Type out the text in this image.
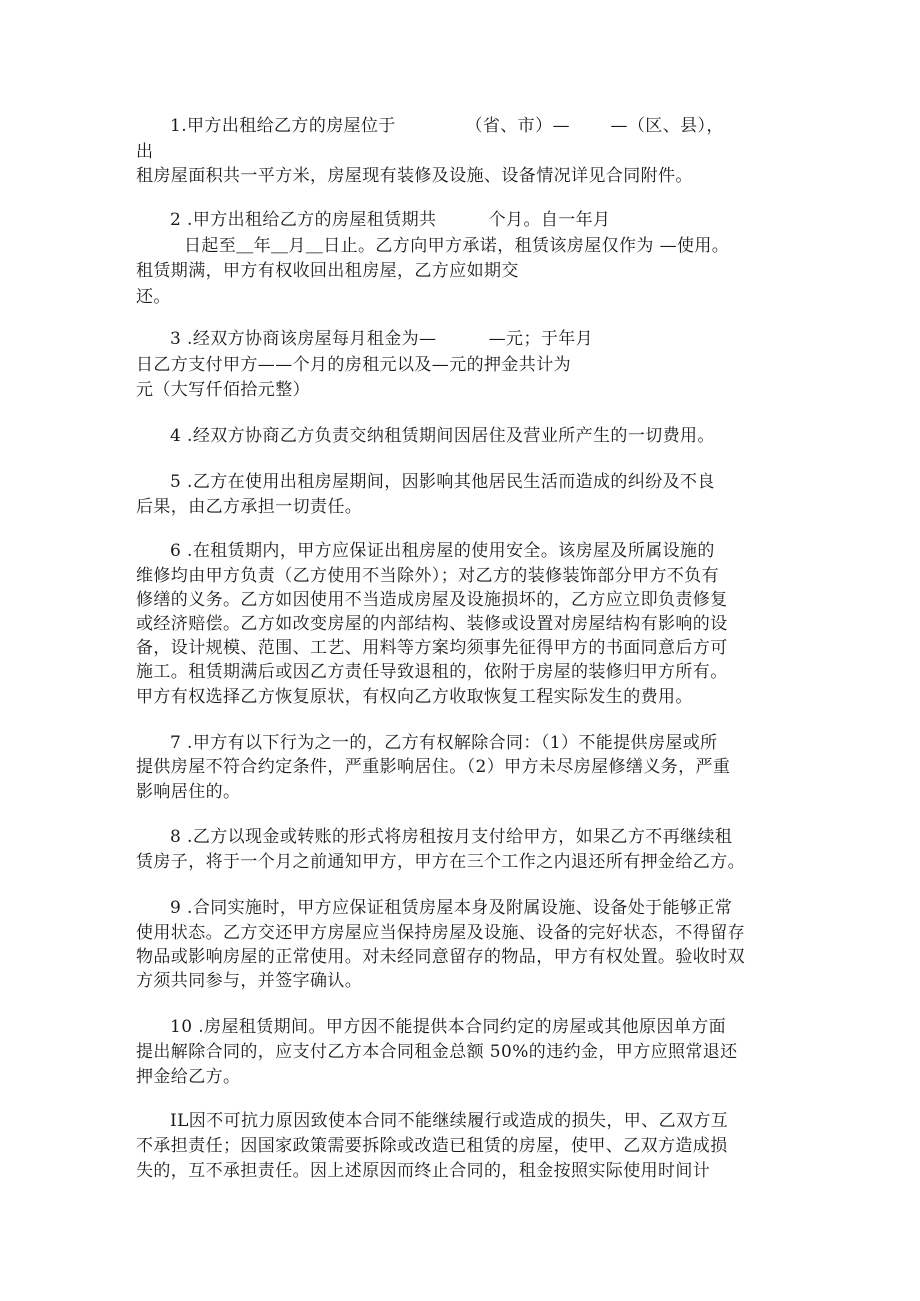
1.甲方出租给乙方的房屋位于            （省、市）—       —（区、县），

出

租房屋面积共一平方米，房屋现有装修及设施、设备情况详见合同附件。

2 .甲方出租给乙方的房屋租赁期共         个月。自一年月

日起至＿年＿月＿日止。乙方向甲方承诺，租赁该房屋仅作为 —使用。

租赁期满，甲方有权收回出租房屋，乙方应如期交

还。

3 .经双方协商该房屋每月租金为—         —元；于年月

日乙方支付甲方——个月的房租元以及—元的押金共计为

元（大写仟佰拾元整）

4 .经双方协商乙方负责交纳租赁期间因居住及营业所产生的一切费用。

5 .乙方在使用出租房屋期间，因影响其他居民生活而造成的纠纷及不良

后果，由乙方承担一切责任。

6 .在租赁期内，甲方应保证出租房屋的使用安全。该房屋及所属设施的

维修均由甲方负责（乙方使用不当除外）；对乙方的装修装饰部分甲方不负有

修缮的义务。乙方如因使用不当造成房屋及设施损坏的，乙方应立即负责修复

或经济赔偿。乙方如改变房屋的内部结构、装修或设置对房屋结构有影响的设

备，设计规模、范围、工艺、用料等方案均须事先征得甲方的书面同意后方可

施工。租赁期满后或因乙方责任导致退租的，依附于房屋的装修归甲方所有。

甲方有权选择乙方恢复原状，有权向乙方收取恢复工程实际发生的费用。

7 .甲方有以下行为之一的，乙方有权解除合同：（1）不能提供房屋或所

提供房屋不符合约定条件，严重影响居住。（2）甲方未尽房屋修缮义务，严重

影响居住的。

8 .乙方以现金或转账的形式将房租按月支付给甲方，如果乙方不再继续租

赁房子，将于一个月之前通知甲方，甲方在三个工作之内退还所有押金给乙方。

9 .合同实施时，甲方应保证租赁房屋本身及附属设施、设备处于能够正常

使用状态。乙方交还甲方房屋应当保持房屋及设施、设备的完好状态，不得留存

物品或影响房屋的正常使用。对未经同意留存的物品，甲方有权处置。验收时双

方须共同参与，并签字确认。

10 .房屋租赁期间。甲方因不能提供本合同约定的房屋或其他原因单方面

提出解除合同的，应支付乙方本合同租金总额 50%的违约金，甲方应照常退还

押金给乙方。

IL因不可抗力原因致使本合同不能继续履行或造成的损失，甲、乙双方互

不承担责任；因国家政策需要拆除或改造已租赁的房屋，使甲、乙双方造成损

失的，互不承担责任。因上述原因而终止合同的，租金按照实际使用时间计
